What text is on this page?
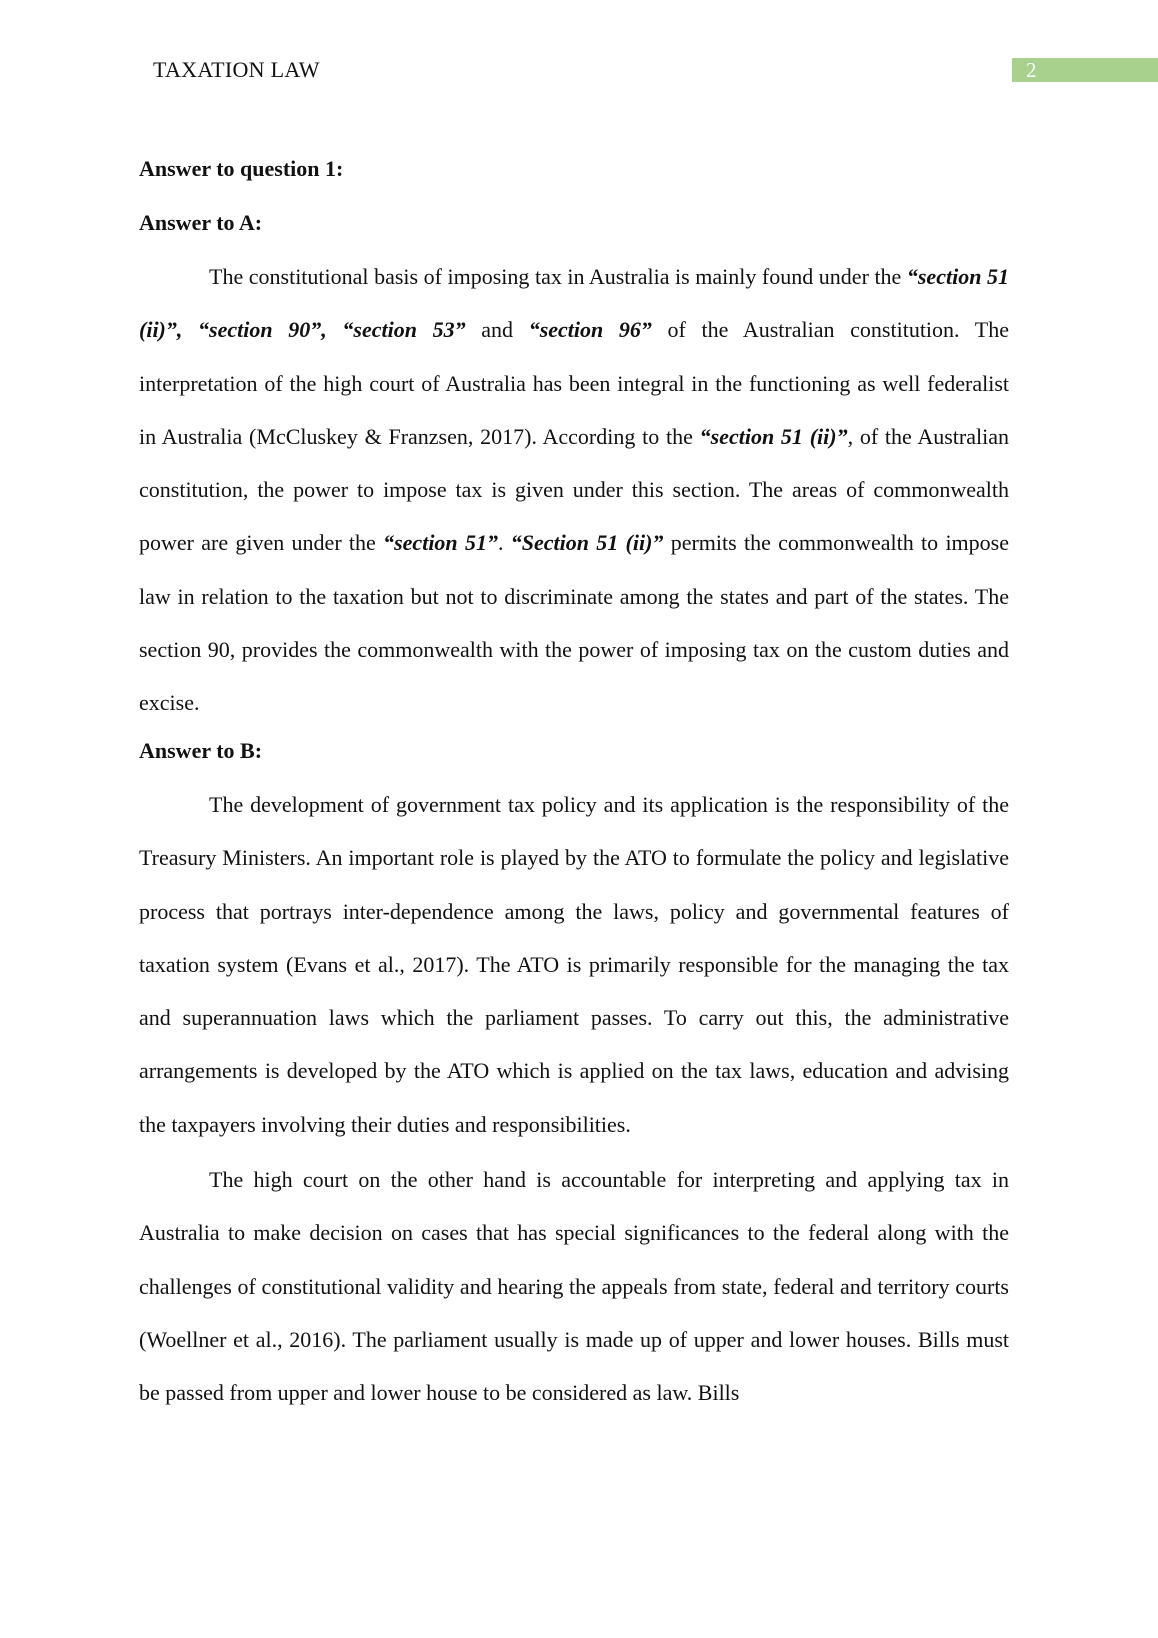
TAXATION LAW	2
Answer to question 1:
Answer to A:

The constitutional basis of imposing tax in Australia is mainly found under the “section 51 (ii)”, “section 90”, “section 53” and “section 96” of the Australian constitution. The interpretation of the high court of Australia has been integral in the functioning as well federalist in Australia (McCluskey & Franzsen, 2017). According to the “section 51 (ii)”, of the Australian constitution, the power to impose tax is given under this section. The areas of commonwealth power are given under the “section 51”. “Section 51 (ii)” permits the commonwealth to impose law in relation to the taxation but not to discriminate among the states and part of the states. The section 90, provides the commonwealth with the power of imposing tax on the custom duties and excise.

Answer to B:

The development of government tax policy and its application is the responsibility of the Treasury Ministers. An important role is played by the ATO to formulate the policy and legislative process that portrays inter-dependence among the laws, policy and governmental features of taxation system (Evans et al., 2017). The ATO is primarily responsible for the managing the tax and superannuation laws which the parliament passes. To carry out this, the administrative arrangements is developed by the ATO which is applied on the tax laws, education and advising the taxpayers involving their duties and responsibilities.

The high court on the other hand is accountable for interpreting and applying tax in Australia to make decision on cases that has special significances to the federal along with the challenges of constitutional validity and hearing the appeals from state, federal and territory courts (Woellner et al., 2016). The parliament usually is made up of upper and lower houses. Bills must be passed from upper and lower house to be considered as law. Bills
